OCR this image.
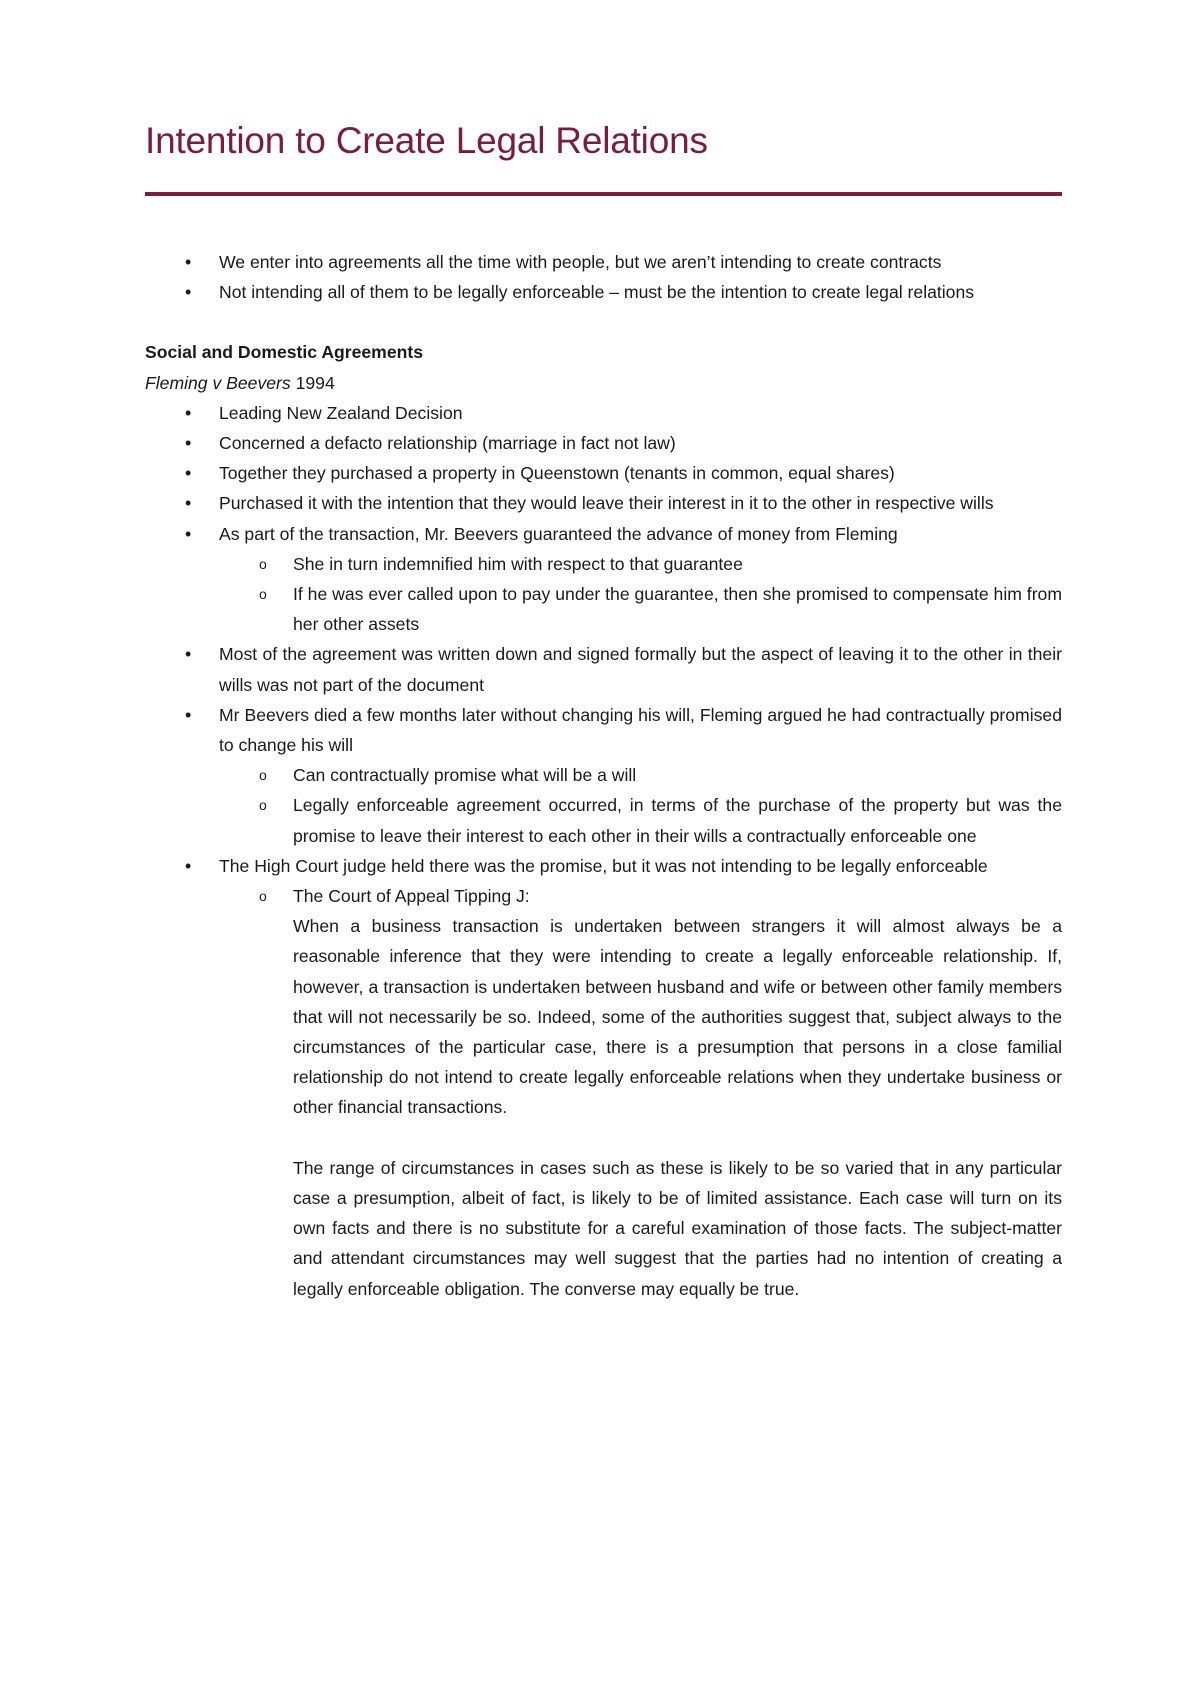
Intention to Create Legal Relations
• We enter into agreements all the time with people, but we aren’t intending to create contracts
• Not intending all of them to be legally enforceable – must be the intention to create legal relations

Social and Domestic Agreements

Fleming v Beevers 1994

• Leading New Zealand Decision
• Concerned a defacto relationship (marriage in fact not law)
• Together they purchased a property in Queenstown (tenants in common, equal shares)
• Purchased it with the intention that they would leave their interest in it to the other in respective wills
• As part of the transaction, Mr. Beevers guaranteed the advance of money from Fleming
o She in turn indemnified him with respect to that guarantee
o If he was ever called upon to pay under the guarantee, then she promised to compensate him from her other assets
• Most of the agreement was written down and signed formally but the aspect of leaving it to the other in their wills was not part of the document
• Mr Beevers died a few months later without changing his will, Fleming argued he had contractually promised to change his will
o Can contractually promise what will be a will
o Legally enforceable agreement occurred, in terms of the purchase of the property but was the promise to leave their interest to each other in their wills a contractually enforceable one
• The High Court judge held there was the promise, but it was not intending to be legally enforceable
o The Court of Appeal Tipping J:

When a business transaction is undertaken between strangers it will almost always be a reasonable inference that they were intending to create a legally enforceable relationship. If, however, a transaction is undertaken between husband and wife or between other family members that will not necessarily be so. Indeed, some of the authorities suggest that, subject always to the circumstances of the particular case, there is a presumption that persons in a close familial relationship do not intend to create legally enforceable relations when they undertake business or other financial transactions.

The range of circumstances in cases such as these is likely to be so varied that in any particular case a presumption, albeit of fact, is likely to be of limited assistance. Each case will turn on its own facts and there is no substitute for a careful examination of those facts. The subject-matter and attendant circumstances may well suggest that the parties had no intention of creating a legally enforceable obligation. The converse may equally be true.
